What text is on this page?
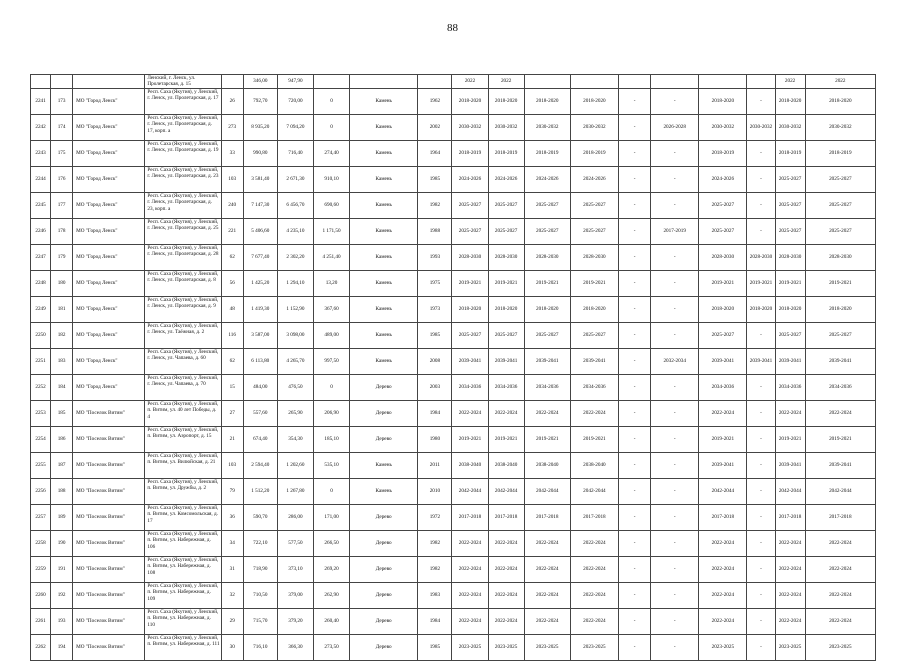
88
			Ленский, г. Ленск, ул. Пролетарская, д. 15		346,00	947,90				2022	2022							2022	2022
2241	173	МО "Город Ленск"	Респ. Саха (Якутия), у Ленский, г. Ленск, ул. Пролетарская, д. 17	26	792,70	720,00	0	Камень	1962	2018-2020	2018-2020	2018-2020	2018-2020	-	-	2018-2020	-	2018-2020	2018-2020
2242	174	МО "Город Ленск"	Респ. Саха (Якутия), у Ленский, г. Ленск, ул. Пролетарская, д. 17, корп. а	273	8 935,20	7 094,20	0	Камень	2002	2030-2032	2030-2032	2030-2032	2030-2032	-	2026-2028	2030-2032	2030-2032	2030-2032	2030-2032
2243	175	МО "Город Ленск"	Респ. Саха (Якутия), у Ленский, г. Ленск, ул. Пролетарская, д. 19	33	990,80	716,40	274,40	Камень	1964	2018-2019	2018-2019	2018-2019	2018-2019	-	-	2018-2019	-	2018-2019	2018-2019
2244	176	МО "Город Ленск"	Респ. Саха (Якутия), у Ленский, г. Ленск, ул. Пролетарская, д. 23	103	3 581,40	2 671,30	910,10	Камень	1985	2024-2026	2024-2026	2024-2026	2024-2026	-	-	2024-2026	-	2025-2027	2025-2027
2245	177	МО "Город Ленск"	Респ. Саха (Якутия), у Ленский, г. Ленск, ул. Пролетарская, д. 23, корп. а	240	7 147,30	6 456,70	690,60	Камень	1982	2025-2027	2025-2027	2025-2027	2025-2027	-	-	2025-2027	-	2025-2027	2025-2027
2246	178	МО "Город Ленск"	Респ. Саха (Якутия), у Ленский, г. Ленск, ул. Пролетарская, д. 25	221	5 406,60	4 235,10	1 171,50	Камень	1988	2025-2027	2025-2027	2025-2027	2025-2027	-	2017-2019	2025-2027	-	2025-2027	2025-2027
2247	179	МО "Город Ленск"	Респ. Саха (Якутия), у Ленский, г. Ленск, ул. Пролетарская, д. 28	62	7 677,40	2 302,20	4 251,40	Камень	1993	2028-2030	2028-2030	2028-2030	2028-2030	-	-	2028-2030	2028-2030	2028-2030	2028-2030
2248	180	МО "Город Ленск"	Респ. Саха (Якутия), у Ленский, г. Ленск, ул. Пролетарская, д. 8	56	1 425,20	1 294,10	13,20	Камень	1975	2019-2021	2019-2021	2019-2021	2019-2021	-	-	2019-2021	2019-2021	2019-2021	2019-2021
2249	181	МО "Город Ленск"	Респ. Саха (Якутия), у Ленский, г. Ленск, ул. Пролетарская, д. 9	48	1 419,30	1 152,90	367,60	Камень	1973	2018-2020	2018-2020	2018-2020	2018-2020	-	-	2018-2020	2018-2020	2018-2020	2018-2020
2250	182	МО "Город Ленск"	Респ. Саха (Якутия), у Ленский, г. Ленск, ул. Таёжная, д. 2	116	3 587,00	3 098,00	489,00	Камень	1985	2025-2027	2025-2027	2025-2027	2025-2027	-	-	2025-2027	-	2025-2027	2025-2027
2251	183	МО "Город Ленск"	Респ. Саха (Якутия), у Ленский, г. Ленск, ул. Чапаева, д. 60	62	6 113,80	4 265,70	997,50	Камень	2008	2039-2041	2039-2041	2039-2041	2039-2041	-	2032-2034	2039-2041	2039-2041	2039-2041	2039-2041
2252	184	МО "Город Ленск"	Респ. Саха (Якутия), у Ленский, г. Ленск, ул. Чапаева, д. 70	15	484,00	476,50	0	Дерево	2003	2034-2036	2034-2036	2034-2036	2034-2036	-	-	2034-2036	-	2034-2036	2034-2036
2253	185	МО "Поселок Витим"	Респ. Саха (Якутия), у Ленский, п. Витим, ул. 40 лет Победы, д. 4	27	557,60	265,90	206,90	Дерево	1984	2022-2024	2022-2024	2022-2024	2022-2024	-	-	2022-2024	-	2022-2024	2022-2024
2254	186	МО "Поселок Витим"	Респ. Саха (Якутия), у Ленский, п. Витим, ул. Аэропорт, д. 15	21	674,40	354,30	185,10	Дерево	1980	2019-2021	2019-2021	2019-2021	2019-2021	-	-	2019-2021	-	2019-2021	2019-2021
2255	187	МО "Поселок Витим"	Респ. Саха (Якутия), у Ленский, п. Витим, ул. Вилюйская, д. 21	103	2 594,40	1 202,60	535,10	Камень	2011	2038-2040	2038-2040	2038-2040	2038-2040	-	-	2039-2041	-	2039-2041	2039-2041
2256	188	МО "Поселок Витим"	Респ. Саха (Якутия), у Ленский, п. Витим, ул. Дружбы, д. 2	79	1 512,20	1 267,80	0	Камень	2010	2042-2044	2042-2044	2042-2044	2042-2044	-	-	2042-2044	-	2042-2044	2042-2044
2257	189	МО "Поселок Витим"	Респ. Саха (Якутия), у Ленский, п. Витим, ул. Комсомольская, д. 17	36	590,70	286,00	171,00	Дерево	1972	2017-2018	2017-2018	2017-2018	2017-2018	-	-	2017-2018	-	2017-2018	2017-2018
2258	190	МО "Поселок Витим"	Респ. Саха (Якутия), у Ленский, п. Витим, ул. Набережная, д. 106	34	722,10	577,50	266,50	Дерево	1982	2022-2024	2022-2024	2022-2024	2022-2024	-	-	2022-2024	-	2022-2024	2022-2024
2259	191	МО "Поселок Витим"	Респ. Саха (Якутия), у Ленский, п. Витим, ул. Набережная, д. 108	31	718,90	373,10	269,20	Дерево	1982	2022-2024	2022-2024	2022-2024	2022-2024	-	-	2022-2024	-	2022-2024	2022-2024
2260	192	МО "Поселок Витим"	Респ. Саха (Якутия), у Ленский, п. Витим, ул. Набережная, д. 109	32	710,50	379,00	262,90	Дерево	1983	2022-2024	2022-2024	2022-2024	2022-2024	-	-	2022-2024	-	2022-2024	2022-2024
2261	193	МО "Поселок Витим"	Респ. Саха (Якутия), у Ленский, п. Витим, ул. Набережная, д. 110	29	715,70	379,20	260,40	Дерево	1984	2022-2024	2022-2024	2022-2024	2022-2024	-	-	2022-2024	-	2022-2024	2022-2024
2262	194	МО "Поселок Витим"	Респ. Саха (Якутия), у Ленский, п. Витим, ул. Набережная, д. 111	30	716,10	366,30	273,50	Дерево	1985	2023-2025	2023-2025	2023-2025	2023-2025	-	-	2023-2025	-	2023-2025	2023-2025
